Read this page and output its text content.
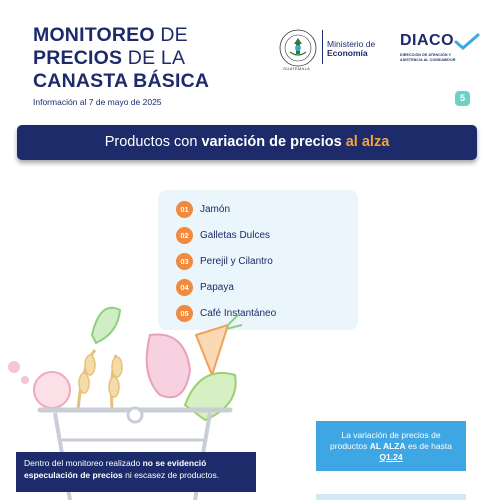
MONITOREO DE
PRECIOS DE LA
CANASTA BÁSICA
Información al 7 de mayo de 2025
GUATEMALA
Ministerio de
Economía
DIACO
DIRECCIÓN DE ATENCIÓN Y
ASISTENCIA AL CONSUMIDOR
5
Productos con variación de precios al alza
01	Jamón
02	Galletas Dulces
03	Perejil y Cilantro
04	Papaya
05	Café Instantáneo
Dentro del monitoreo realizado no se evidenció especulación de precios ni escasez de productos.
La variación de precios de productos AL ALZA es de hasta Q1.24
